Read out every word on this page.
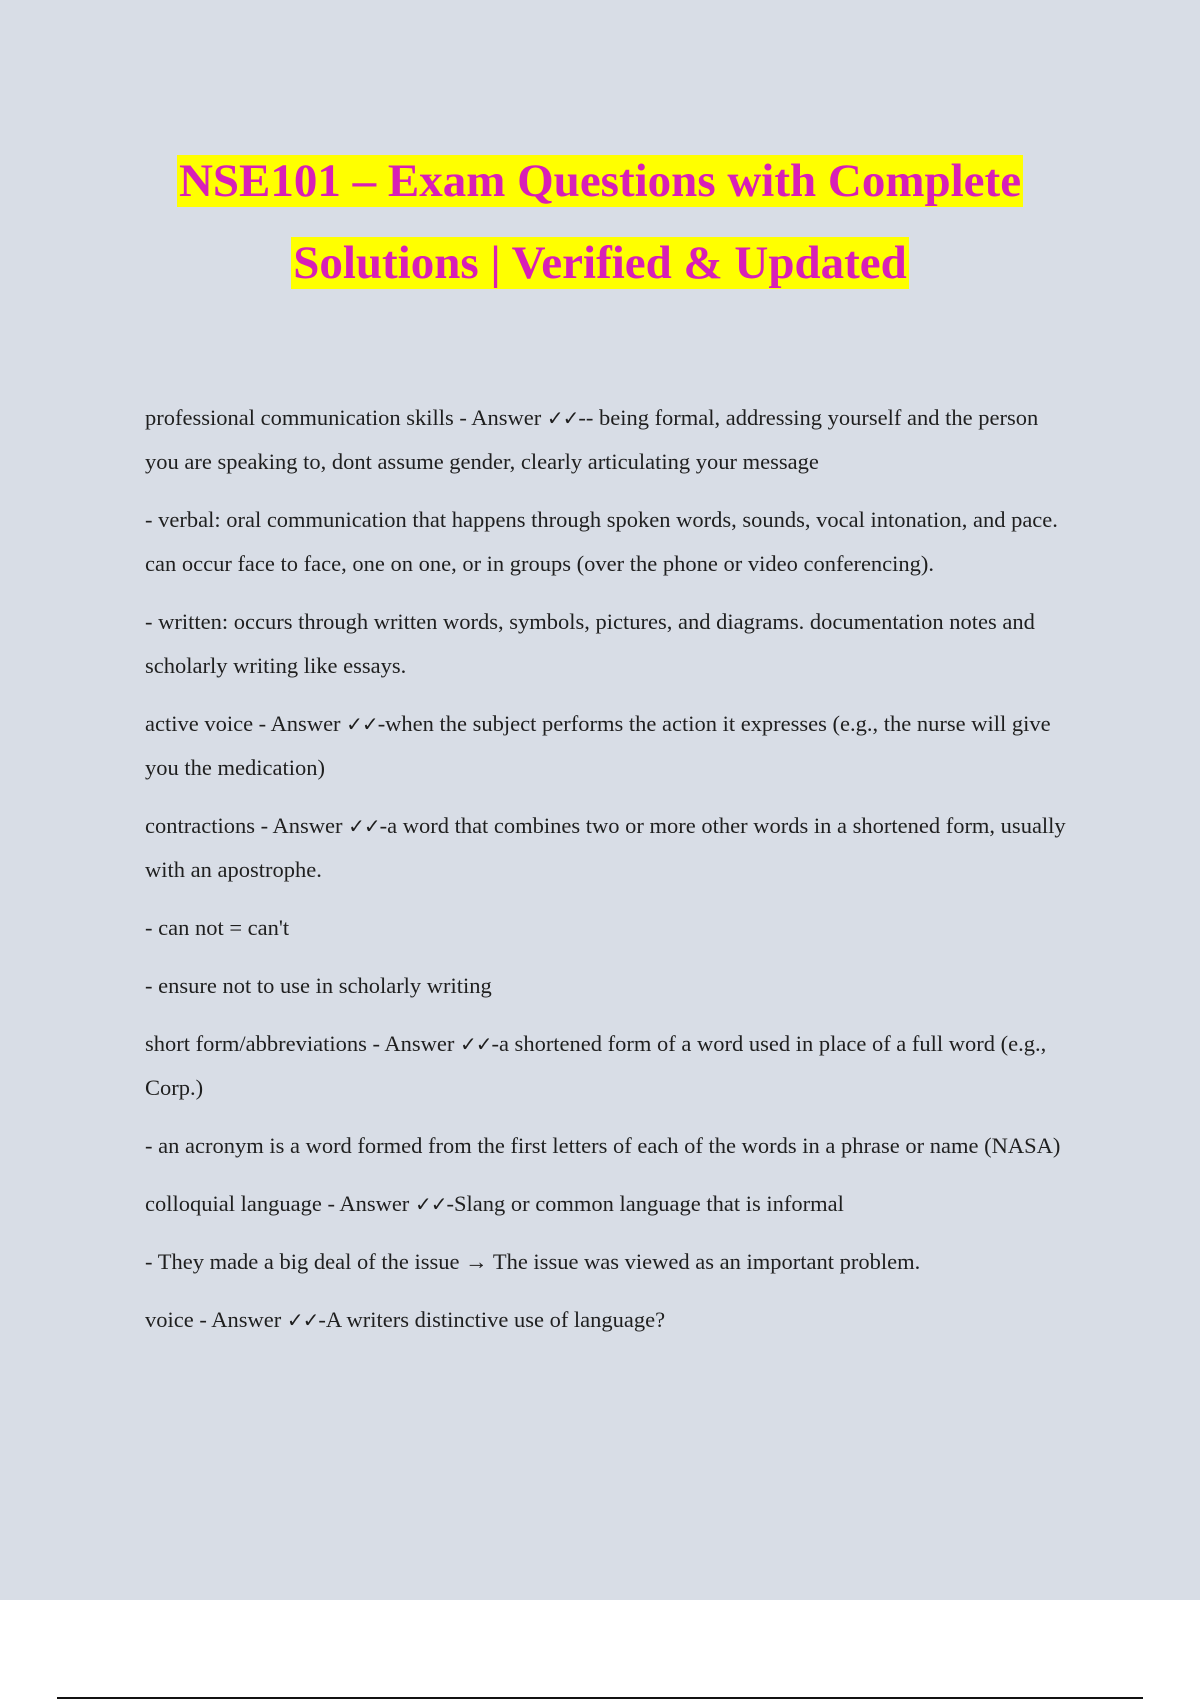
NSE101 – Exam Questions with Complete
Solutions | Verified & Updated

professional communication skills - Answer ✓✓-- being formal, addressing yourself and the person you are speaking to, dont assume gender, clearly articulating your message

- verbal: oral communication that happens through spoken words, sounds, vocal intonation, and pace. can occur face to face, one on one, or in groups (over the phone or video conferencing).

- written: occurs through written words, symbols, pictures, and diagrams. documentation notes and scholarly writing like essays.

active voice - Answer ✓✓-when the subject performs the action it expresses (e.g., the nurse will give you the medication)

contractions - Answer ✓✓-a word that combines two or more other words in a shortened form, usually with an apostrophe.

- can not = can't

- ensure not to use in scholarly writing

short form/abbreviations - Answer ✓✓-a shortened form of a word used in place of a full word (e.g., Corp.)

- an acronym is a word formed from the first letters of each of the words in a phrase or name (NASA)

colloquial language - Answer ✓✓-Slang or common language that is informal

- They made a big deal of the issue → The issue was viewed as an important problem.

voice - Answer ✓✓-A writers distinctive use of language?
